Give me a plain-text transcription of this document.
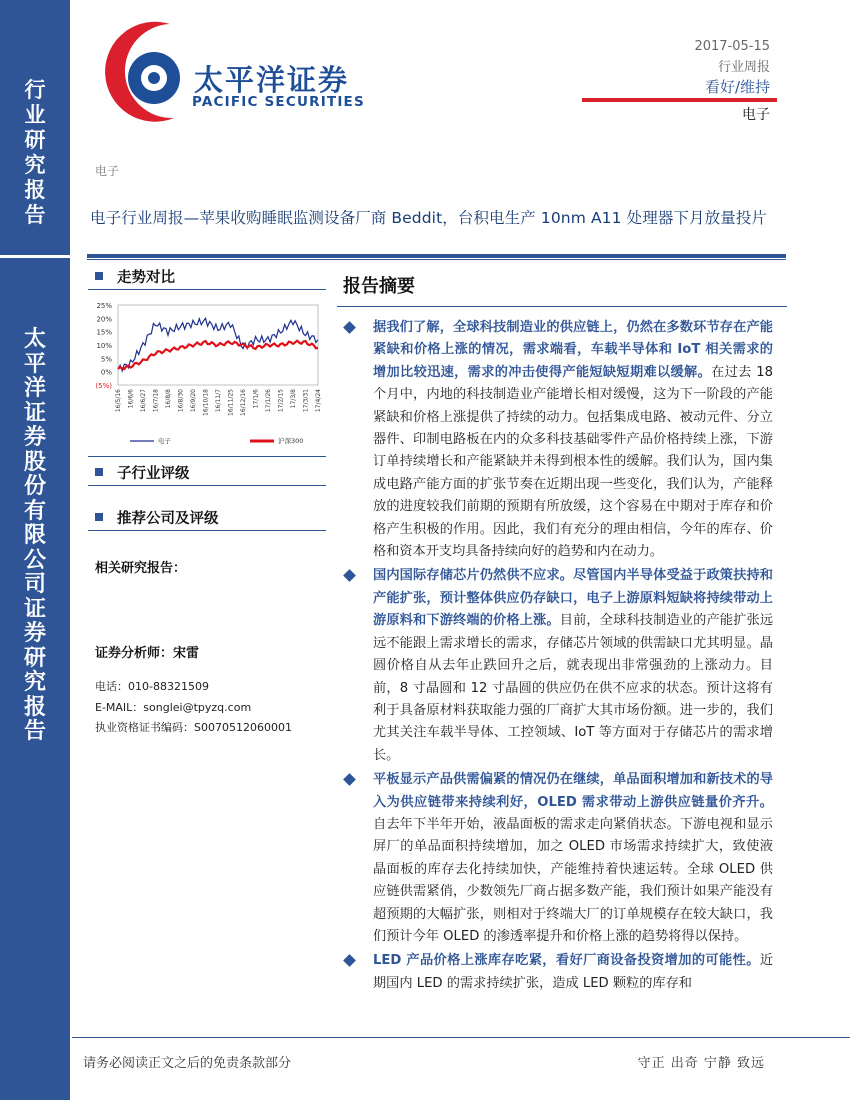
行
业
研
究
报
告
太
平
洋
证
券
股
份
有
限
公
司
证
券
研
究
报
告
太平洋证券
PACIFIC SECURITIES
2017-05-15
行业周报
看好/维持
电子
电子
电子行业周报—苹果收购睡眠监测设备厂商 Beddit，台积电生产 10nm A11 处理器下月放量投片
走势对比
25%
20%
15%
10%
5%
0%
(5%)
16/5/16 16/6/6 16/6/27 16/7/18 16/8/8 16/8/30 16/9/20 16/10/18 16/11/7 16/11/25 16/12/16 17/1/6 17/1/26 17/2/15 17/3/8 17/3/31 17/4/24
电子	沪深300
子行业评级
推荐公司及评级
相关研究报告：
证券分析师：宋雷
电话：010-88321509
E-MAIL：songlei@tpyzq.com
执业资格证书编码：S0070512060001
报告摘要
据我们了解，全球科技制造业的供应链上，仍然在多数环节存在产能紧缺和价格上涨的情况，需求端看，车载半导体和 IoT 相关需求的增加比较迅速，需求的冲击使得产能短缺短期难以缓解。在过去 18 个月中，内地的科技制造业产能增长相对缓慢，这为下一阶段的产能紧缺和价格上涨提供了持续的动力。包括集成电路、被动元件、分立器件、印制电路板在内的众多科技基础零件产品价格持续上涨，下游订单持续增长和产能紧缺并未得到根本性的缓解。我们认为，国内集成电路产能方面的扩张节奏在近期出现一些变化，我们认为，产能释放的进度较我们前期的预期有所放缓，这个容易在中期对于库存和价格产生积极的作用。因此，我们有充分的理由相信，今年的库存、价格和资本开支均具备持续向好的趋势和内在动力。
国内国际存储芯片仍然供不应求。尽管国内半导体受益于政策扶持和产能扩张，预计整体供应仍存缺口，电子上游原料短缺将持续带动上游原料和下游终端的价格上涨。目前，全球科技制造业的产能扩张远远不能跟上需求增长的需求，存储芯片领域的供需缺口尤其明显。晶圆价格自从去年止跌回升之后，就表现出非常强劲的上涨动力。目前，8 寸晶圆和 12 寸晶圆的供应仍在供不应求的状态。预计这将有利于具备原材料获取能力强的厂商扩大其市场份额。进一步的，我们尤其关注车载半导体、工控领域、IoT 等方面对于存储芯片的需求增长。
平板显示产品供需偏紧的情况仍在继续，单品面积增加和新技术的导入为供应链带来持续利好，OLED 需求带动上游供应链量价齐升。自去年下半年开始，液晶面板的需求走向紧俏状态。下游电视和显示屏厂的单品面积持续增加，加之 OLED 市场需求持续扩大，致使液晶面板的库存去化持续加快，产能维持着快速运转。全球 OLED 供应链供需紧俏，少数领先厂商占据多数产能，我们预计如果产能没有超预期的大幅扩张，则相对于终端大厂的订单规模存在较大缺口，我们预计今年 OLED 的渗透率提升和价格上涨的趋势将得以保持。
LED 产品价格上涨库存吃紧，看好厂商设备投资增加的可能性。近期国内 LED 的需求持续扩张，造成 LED 颗粒的库存和
请务必阅读正文之后的免责条款部分	守正 出奇 宁静 致远
